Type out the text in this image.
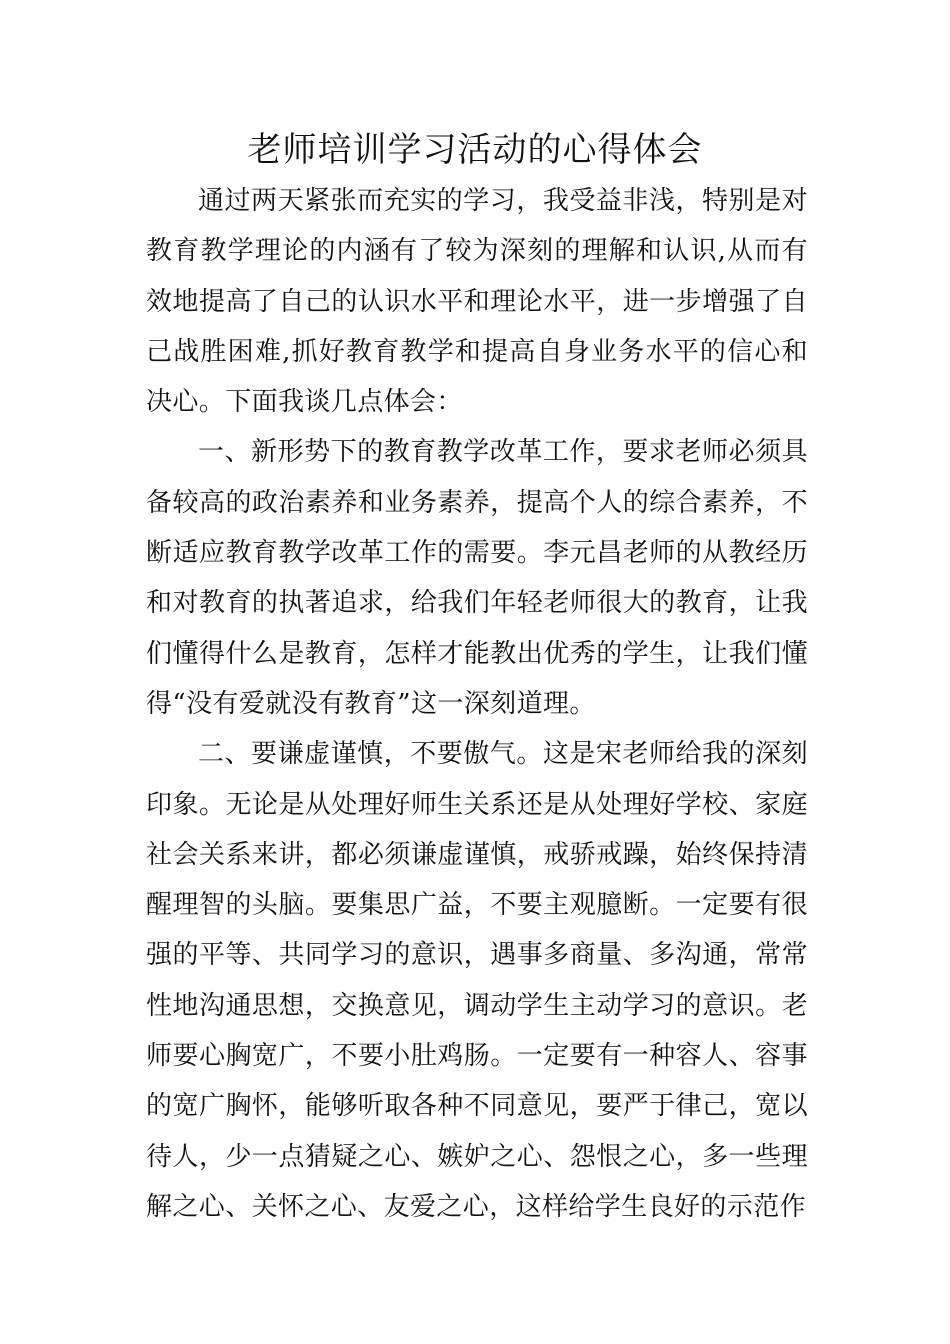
老师培训学习活动的心得体会

通过两天紧张而充实的学习，我受益非浅，特别是对教育教学理论的内涵有了较为深刻的理解和认识,从而有效地提高了自己的认识水平和理论水平，进一步增强了自己战胜困难,抓好教育教学和提高自身业务水平的信心和决心。下面我谈几点体会：

一、新形势下的教育教学改革工作，要求老师必须具备较高的政治素养和业务素养，提高个人的综合素养，不断适应教育教学改革工作的需要。李元昌老师的从教经历和对教育的执著追求，给我们年轻老师很大的教育，让我们懂得什么是教育，怎样才能教出优秀的学生，让我们懂得“没有爱就没有教育”这一深刻道理。

二、要谦虚谨慎，不要傲气。这是宋老师给我的深刻印象。无论是从处理好师生关系还是从处理好学校、家庭社会关系来讲，都必须谦虚谨慎，戒骄戒躁，始终保持清醒理智的头脑。要集思广益，不要主观臆断。一定要有很强的平等、共同学习的意识，遇事多商量、多沟通，常常性地沟通思想，交换意见，调动学生主动学习的意识。老师要心胸宽广，不要小肚鸡肠。一定要有一种容人、容事的宽广胸怀，能够听取各种不同意见，要严于律己，宽以待人，少一点猜疑之心、嫉妒之心、怨恨之心，多一些理解之心、关怀之心、友爱之心，这样给学生良好的示范作
